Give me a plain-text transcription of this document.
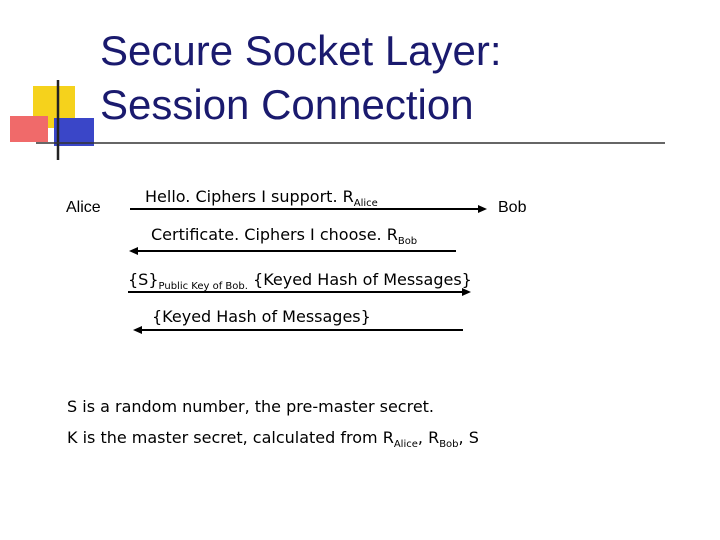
Secure Socket Layer:
Session Connection
Alice	Bob
Hello. Ciphers I support. $R_{Alice}$
Certificate. Ciphers I choose. $R_{Bob}$
$\{S\}_{Public Key of Bob.}$ {Keyed Hash of Messages}
{Keyed Hash of Messages}
S is a random number, the pre-master secret.
K is the master secret, calculated from $R_{Alice}$, $R_{Bob}$, S
